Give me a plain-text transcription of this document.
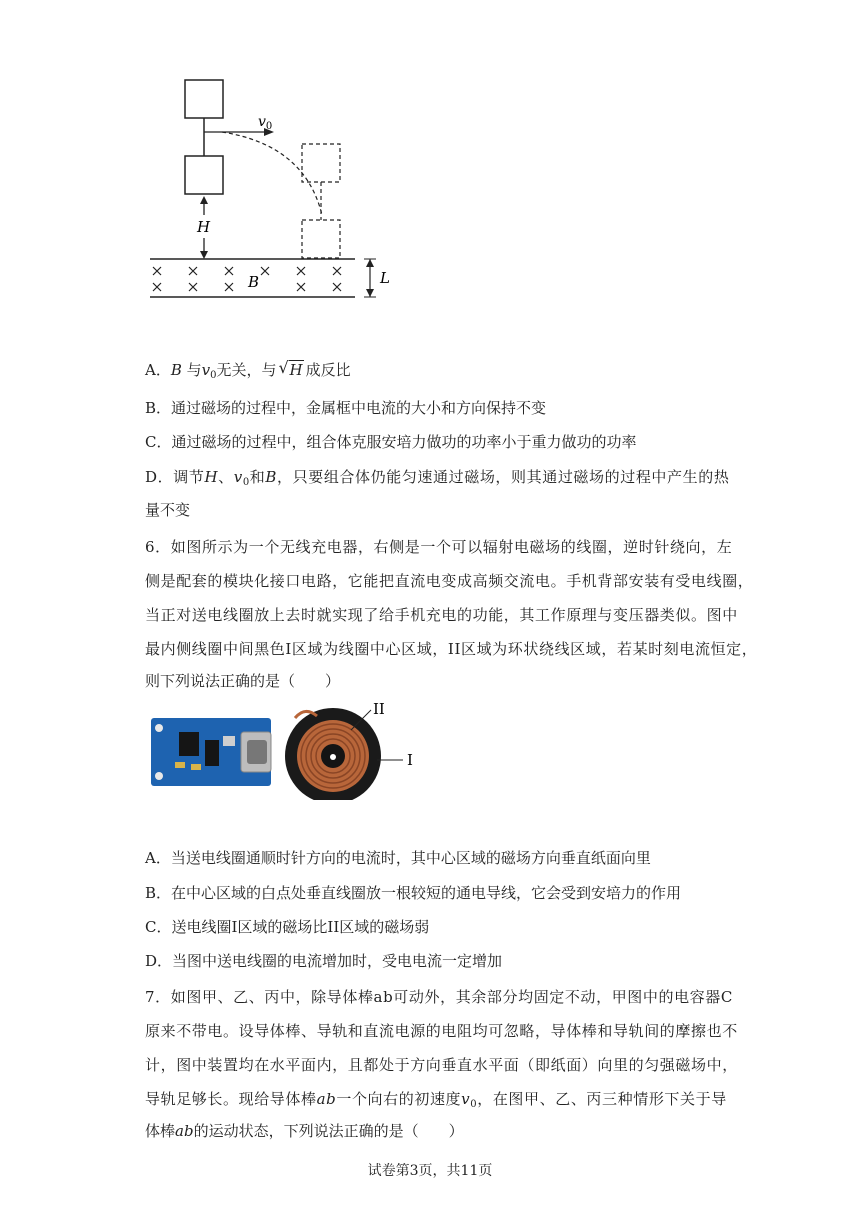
$v_0$
H
B	L
A．B 与$v_0$无关，与 √ H 成反比
B．通过磁场的过程中，金属框中电流的大小和方向保持不变
C．通过磁场的过程中，组合体克服安培力做功的功率小于重力做功的功率
D．调节H、$v_0$和B，只要组合体仍能匀速通过磁场，则其通过磁场的过程中产生的热
量不变
6．如图所示为一个无线充电器，右侧是一个可以辐射电磁场的线圈，逆时针绕向，左
侧是配套的模块化接口电路，它能把直流电变成高频交流电。手机背部安装有受电线圈，
当正对送电线圈放上去时就实现了给手机充电的功能，其工作原理与变压器类似。图中
最内侧线圈中间黑色I区域为线圈中心区域，II区域为环状绕线区域，若某时刻电流恒定，
则下列说法正确的是（　　）
II
I
A．当送电线圈通顺时针方向的电流时，其中心区域的磁场方向垂直纸面向里
B．在中心区域的白点处垂直线圈放一根较短的通电导线，它会受到安培力的作用
C．送电线圈I区域的磁场比II区域的磁场弱
D．当图中送电线圈的电流增加时，受电电流一定增加
7．如图甲、乙、丙中，除导体棒ab可动外，其余部分均固定不动，甲图中的电容器C
原来不带电。设导体棒、导轨和直流电源的电阻均可忽略，导体棒和导轨间的摩擦也不
计，图中装置均在水平面内，且都处于方向垂直水平面（即纸面）向里的匀强磁场中，
导轨足够长。现给导体棒ab一个向右的初速度$v_0$，在图甲、乙、丙三种情形下关于导
体棒ab的运动状态，下列说法正确的是（　　）
试卷第3页，共11页
